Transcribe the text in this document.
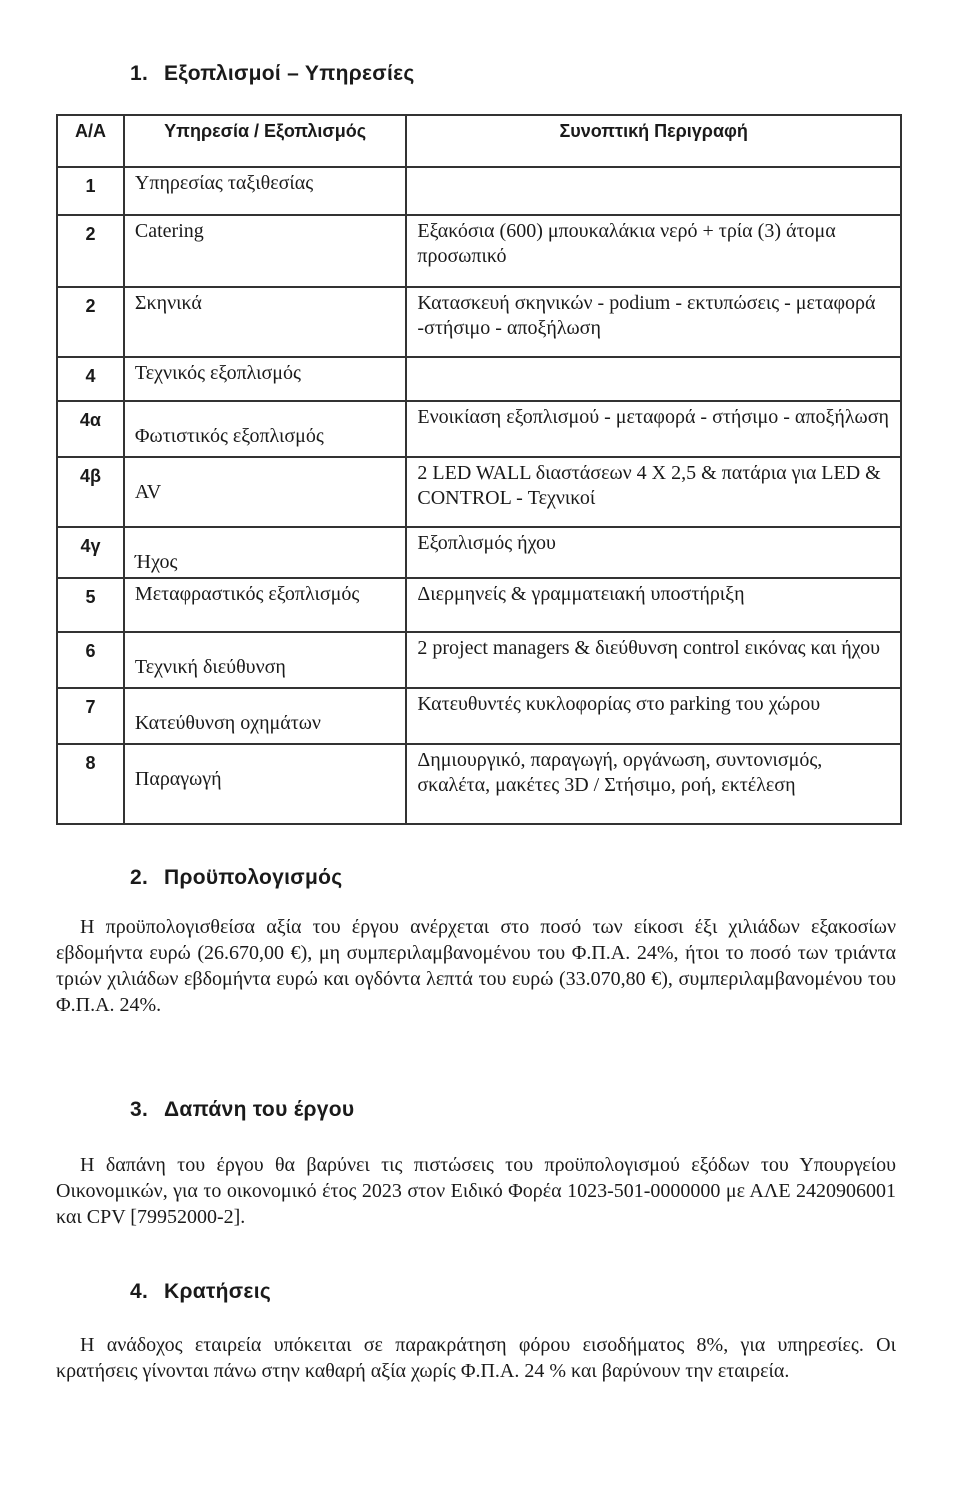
1. Εξοπλισμοί – Υπηρεσίες
Α/Α	Υπηρεσία / Εξοπλισμός	Συνοπτική Περιγραφή
1	Υπηρεσίας ταξιθεσίας	
2	Catering	Εξακόσια (600) μπουκαλάκια νερό + τρία (3) άτομα προσωπικό
2	Σκηνικά	Κατασκευή σκηνικών - podium - εκτυπώσεις - μεταφορά -στήσιμο - αποξήλωση
4	Τεχνικός εξοπλισμός	
4α	Φωτιστικός εξοπλισμός	Ενοικίαση εξοπλισμού - μεταφορά - στήσιμο - αποξήλωση
4β	AV	2 LED WALL διαστάσεων 4 X 2,5 & πατάρια για LED & CONTROL - Τεχνικοί
4γ	Ήχος	Εξοπλισμός ήχου
5	Μεταφραστικός εξοπλισμός	Διερμηνείς & γραμματειακή υποστήριξη
6	Τεχνική διεύθυνση	2 project managers & διεύθυνση control εικόνας και ήχου
7	Κατεύθυνση οχημάτων	Κατευθυντές κυκλοφορίας στο parking του χώρου
8	Παραγωγή	Δημιουργικό, παραγωγή, οργάνωση, συντονισμός, σκαλέτα, μακέτες 3D / Στήσιμο, ροή, εκτέλεση
2. Προϋπολογισμός
Η προϋπολογισθείσα αξία του έργου ανέρχεται στο ποσό των είκοσι έξι χιλιάδων εξακοσίων εβδομήντα ευρώ (26.670,00 €), μη συμπεριλαμβανομένου του Φ.Π.Α. 24%, ήτοι το ποσό των τριάντα τριών χιλιάδων εβδομήντα ευρώ και ογδόντα λεπτά του ευρώ (33.070,80 €), συμπεριλαμβανομένου του Φ.Π.Α. 24%.
3. Δαπάνη του έργου
Η δαπάνη του έργου θα βαρύνει τις πιστώσεις του προϋπολογισμού εξόδων του Υπουργείου Οικονομικών, για το οικονομικό έτος 2023 στον Ειδικό Φορέα 1023-501-0000000 με ΑΛΕ 2420906001 και CPV [79952000-2].
4. Κρατήσεις
Η ανάδοχος εταιρεία υπόκειται σε παρακράτηση φόρου εισοδήματος 8%, για υπηρεσίες. Οι κρατήσεις γίνονται πάνω στην καθαρή αξία χωρίς Φ.Π.Α. 24 % και βαρύνουν την εταιρεία.
